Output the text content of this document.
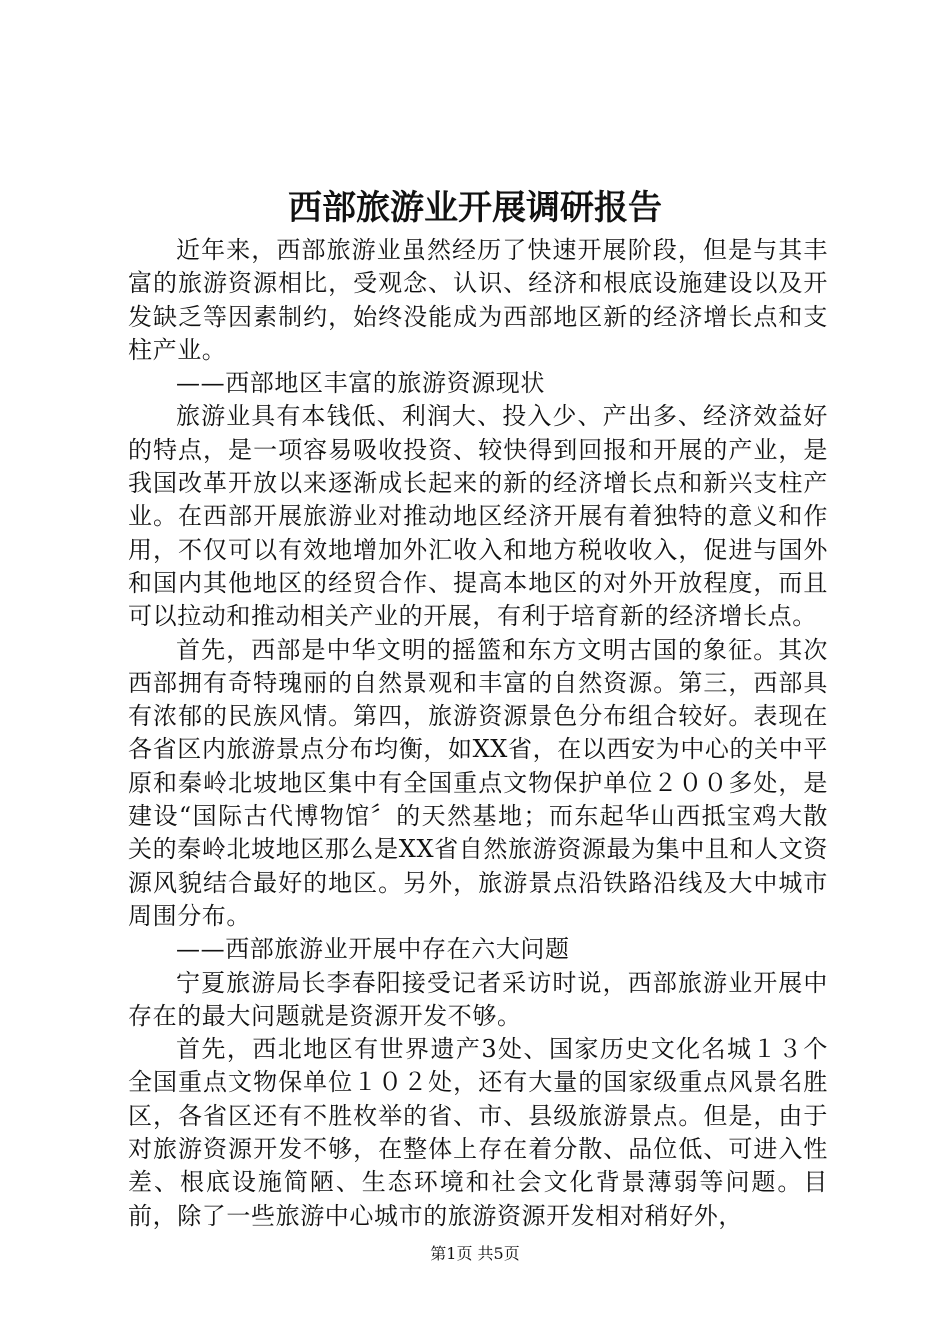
西部旅游业开展调研报告

近年来，西部旅游业虽然经历了快速开展阶段，但是与其丰富的旅游资源相比，受观念、认识、经济和根底设施建设以及开发缺乏等因素制约，始终没能成为西部地区新的经济增长点和支柱产业。

——西部地区丰富的旅游资源现状

旅游业具有本钱低、利润大、投入少、产出多、经济效益好的特点，是一项容易吸收投资、较快得到回报和开展的产业，是我国改革开放以来逐渐成长起来的新的经济增长点和新兴支柱产业。在西部开展旅游业对推动地区经济开展有着独特的意义和作用，不仅可以有效地增加外汇收入和地方税收收入，促进与国外和国内其他地区的经贸合作、提高本地区的对外开放程度，而且可以拉动和推动相关产业的开展，有利于培育新的经济增长点。

首先，西部是中华文明的摇篮和东方文明古国的象征。其次西部拥有奇特瑰丽的自然景观和丰富的自然资源。第三，西部具有浓郁的民族风情。第四，旅游资源景色分布组合较好。表现在各省区内旅游景点分布均衡，如XX省，在以西安为中心的关中平原和秦岭北坡地区集中有全国重点文物保护单位２００多处，是建设“国际古代博物馆〞的天然基地；而东起华山西抵宝鸡大散关的秦岭北坡地区那么是XX省自然旅游资源最为集中且和人文资源风貌结合最好的地区。另外，旅游景点沿铁路沿线及大中城市周围分布。

——西部旅游业开展中存在六大问题

宁夏旅游局长李春阳接受记者采访时说，西部旅游业开展中存在的最大问题就是资源开发不够。

首先，西北地区有世界遗产3处、国家历史文化名城１３个全国重点文物保单位１０２处，还有大量的国家级重点风景名胜区，各省区还有不胜枚举的省、市、县级旅游景点。但是，由于对旅游资源开发不够，在整体上存在着分散、品位低、可进入性差、根底设施简陋、生态环境和社会文化背景薄弱等问题。目前，除了一些旅游中心城市的旅游资源开发相对稍好外，

第1页 共5页
